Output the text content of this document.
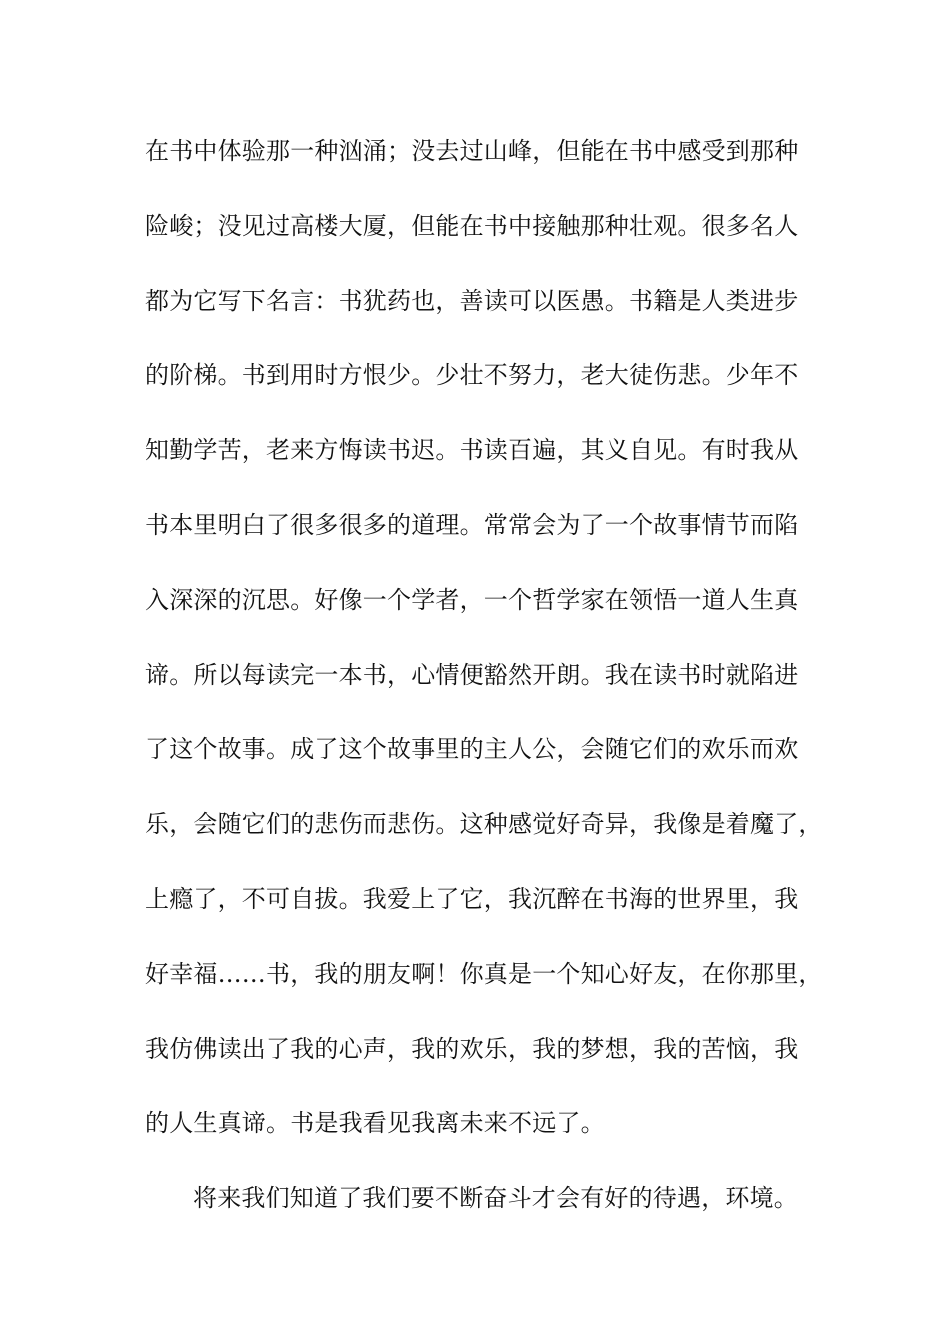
在书中体验那一种汹涌；没去过山峰，但能在书中感受到那种
险峻；没见过高楼大厦，但能在书中接触那种壮观。很多名人
都为它写下名言：书犹药也，善读可以医愚。书籍是人类进步
的阶梯。书到用时方恨少。少壮不努力，老大徒伤悲。少年不
知勤学苦，老来方悔读书迟。书读百遍，其义自见。有时我从
书本里明白了很多很多的道理。常常会为了一个故事情节而陷
入深深的沉思。好像一个学者，一个哲学家在领悟一道人生真
谛。所以每读完一本书，心情便豁然开朗。我在读书时就陷进
了这个故事。成了这个故事里的主人公，会随它们的欢乐而欢
乐，会随它们的悲伤而悲伤。这种感觉好奇异，我像是着魔了，
上瘾了，不可自拔。我爱上了它，我沉醉在书海的世界里，我
好幸福……书，我的朋友啊！你真是一个知心好友，在你那里，
我仿佛读出了我的心声，我的欢乐，我的梦想，我的苦恼，我
的人生真谛。书是我看见我离未来不远了。
将来我们知道了我们要不断奋斗才会有好的待遇，环境。
